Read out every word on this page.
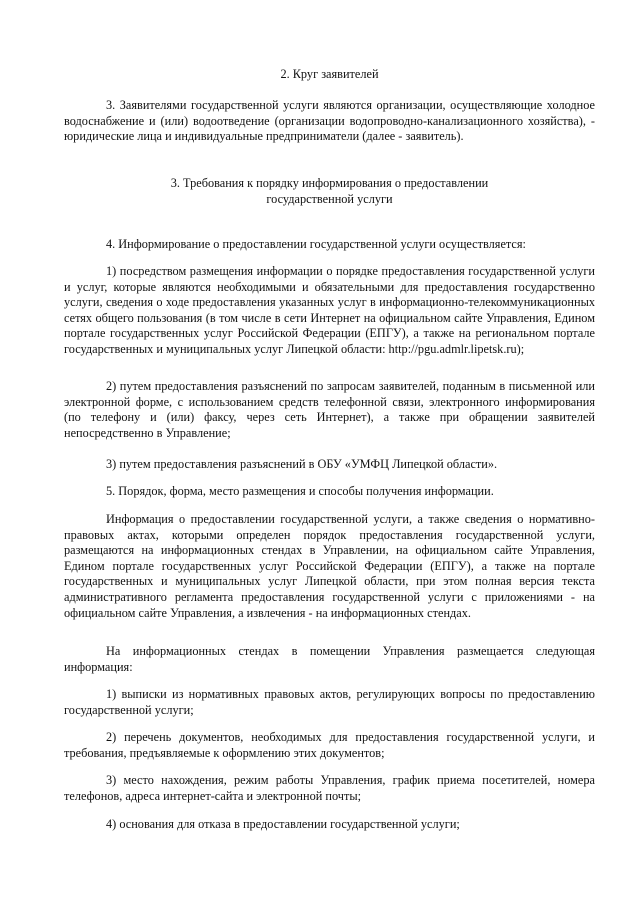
2. Круг заявителей

3. Заявителями государственной услуги являются организации, осуществляющие холодное водоснабжение и (или) водоотведение (организации водопроводно-канализационного хозяйства), - юридические лица и индивидуальные предприниматели (далее - заявитель).

3. Требования к порядку информирования о предоставлении

государственной услуги

4. Информирование о предоставлении государственной услуги осуществляется:

1) посредством размещения информации о порядке предоставления государственной услуги и услуг, которые являются необходимыми и обязательными для предоставления государственно услуги, сведения о ходе предоставления указанных услуг в информационно-телекоммуникационных сетях общего пользования (в том числе в сети Интернет на официальном сайте Управления, Едином портале государственных услуг Российской Федерации (ЕПГУ), а также на региональном портале государственных и муниципальных услуг Липецкой области: http://pgu.admlr.lipetsk.ru);

2) путем предоставления разъяснений по запросам заявителей, поданным в письменной или электронной форме, с использованием средств телефонной связи, электронного информирования (по телефону и (или) факсу, через сеть Интернет), а также при обращении заявителей непосредственно в Управление;

3) путем предоставления разъяснений в ОБУ «УМФЦ Липецкой области».

5. Порядок, форма, место размещения и способы получения информации.

Информация о предоставлении государственной услуги, а также сведения о нормативно-правовых актах, которыми определен порядок предоставления государственной услуги, размещаются на информационных стендах в Управлении, на официальном сайте Управления, Едином портале государственных услуг Российской Федерации (ЕПГУ), а также на портале государственных и муниципальных услуг Липецкой области, при этом полная версия текста административного регламента предоставления государственной услуги с приложениями - на официальном сайте Управления, а извлечения - на информационных стендах.

На информационных стендах в помещении Управления размещается следующая информация:

1) выписки из нормативных правовых актов, регулирующих вопросы по предоставлению государственной услуги;

2) перечень документов, необходимых для предоставления государственной услуги, и требования, предъявляемые к оформлению этих документов;

3) место нахождения, режим работы Управления, график приема посетителей, номера телефонов, адреса интернет-сайта и электронной почты;

4) основания для отказа в предоставлении государственной услуги;
